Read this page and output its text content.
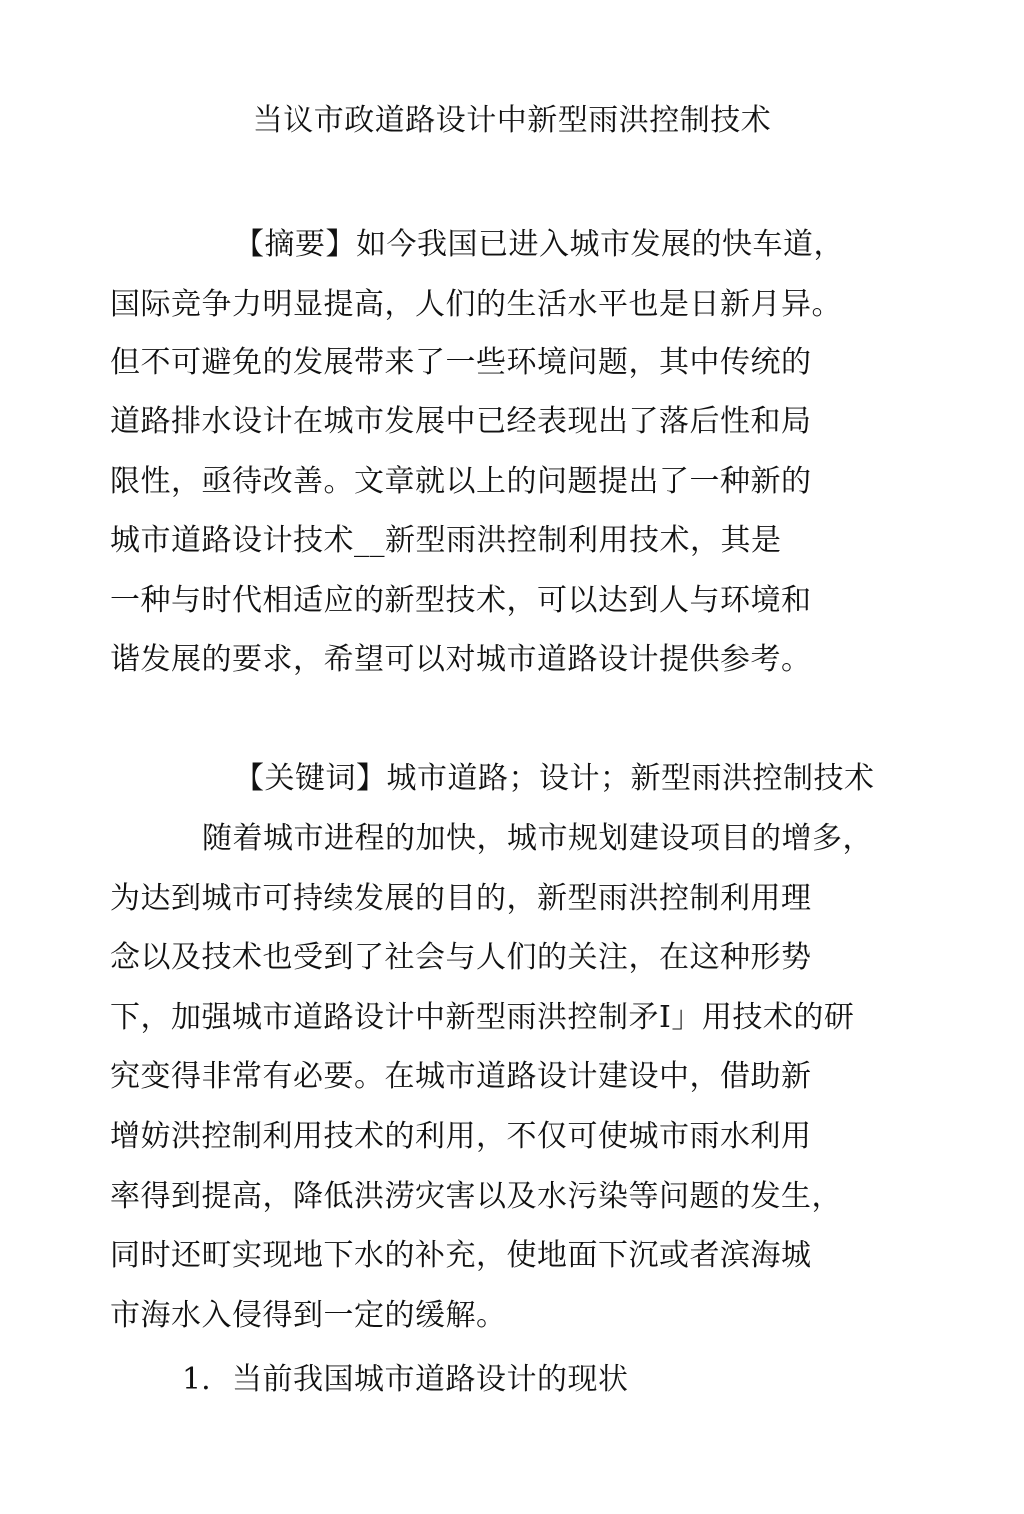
当议市政道路设计中新型雨洪控制技术
【摘要】如今我国已进入城市发展的快车道，
国际竞争力明显提高，人们的生活水平也是日新月异。
但不可避免的发展带来了一些环境问题，其中传统的
道路排水设计在城市发展中已经表现出了落后性和局
限性，亟待改善。文章就以上的问题提出了一种新的
城市道路设计技术__新型雨洪控制利用技术，其是
一种与时代相适应的新型技术，可以达到人与环境和
谐发展的要求，希望可以对城市道路设计提供参考。
【关键词】城市道路；设计；新型雨洪控制技术
随着城市进程的加快，城市规划建设项目的增多，
为达到城市可持续发展的目的，新型雨洪控制利用理
念以及技术也受到了社会与人们的关注，在这种形势
下，加强城市道路设计中新型雨洪控制矛I」用技术的研
究变得非常有必要。在城市道路设计建设中，借助新
增妨洪控制利用技术的利用，不仅可使城市雨水利用
率得到提高，降低洪涝灾害以及水污染等问题的发生，
同时还町实现地下水的补充，使地面下沉或者滨海城
市海水入侵得到一定的缓解。
1. 当前我国城市道路设计的现状
